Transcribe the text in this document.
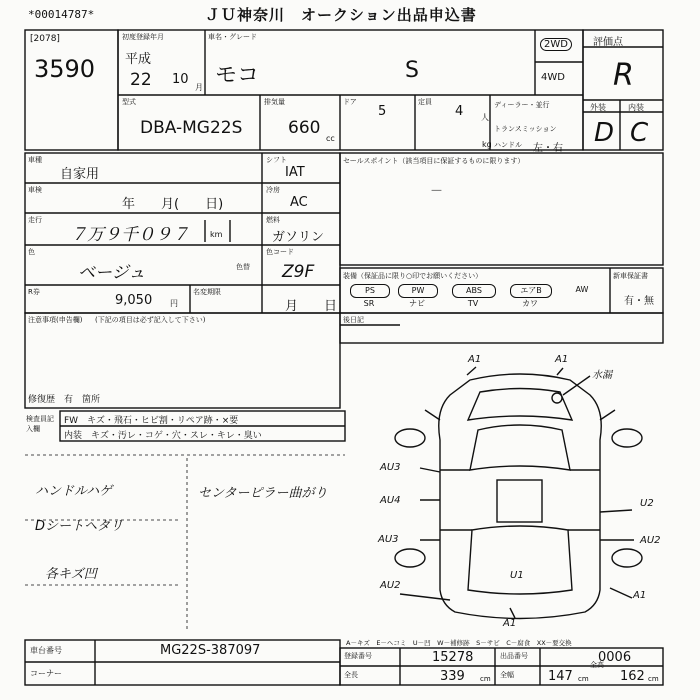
*00014787*	ＪＵ神奈川　オークション出品申込書
[2078]
3590
初度登録年月
平成
22 10
月
車名・グレード
モコ	S
2WD
4WD
型式
DBA-MG22S
排気量
660
cc
ドア
5
定員
4 人
kg
ディーラー・並行
トランスミッション
ハンドル 左・右
評価点
R
外装	内装
D C
車種
自家用
車検
年　　月(　　日)
走行
７万９千０９７	km
色
ベージュ	色替
色コード
Z9F
R券
9,050 円
名変期限
月　　日
シフト
IAT
冷房
AC
燃料
ガソリン
セールスポイント（該当項目に保証するものに限ります）
－
装備（保証品に限り○印でお願いください）
PS	PW	ABS	エアB	AW
SR	ナビ	TV	カワ
新車保証書
有・無
注意事項(申告欄) (下記の項目は必ず記入して下さい)
修復歴　有　箇所
後日記
検査員記入欄
FW　キズ・飛石・ヒビ割・リペア跡・×要
内装　キズ・汚レ・コゲ・穴・スレ・キレ・臭い
ハンドルハゲ
Dシートヘタリ
各キズ凹
センターピラー曲がり
A1	A1
水漏
AU3
AU4
AU3
U2
AU2
U1
AU2
A1
A1
車台番号	MG22S-387097
コーナー
A－キズ　E－ヘコミ　U－凹　W－補修跡　S－サビ　C－腐食　XX－要交換
登録番号	15278	出品番号	0006
全長	339 cm 全幅	147 cm
全高
162 cm
